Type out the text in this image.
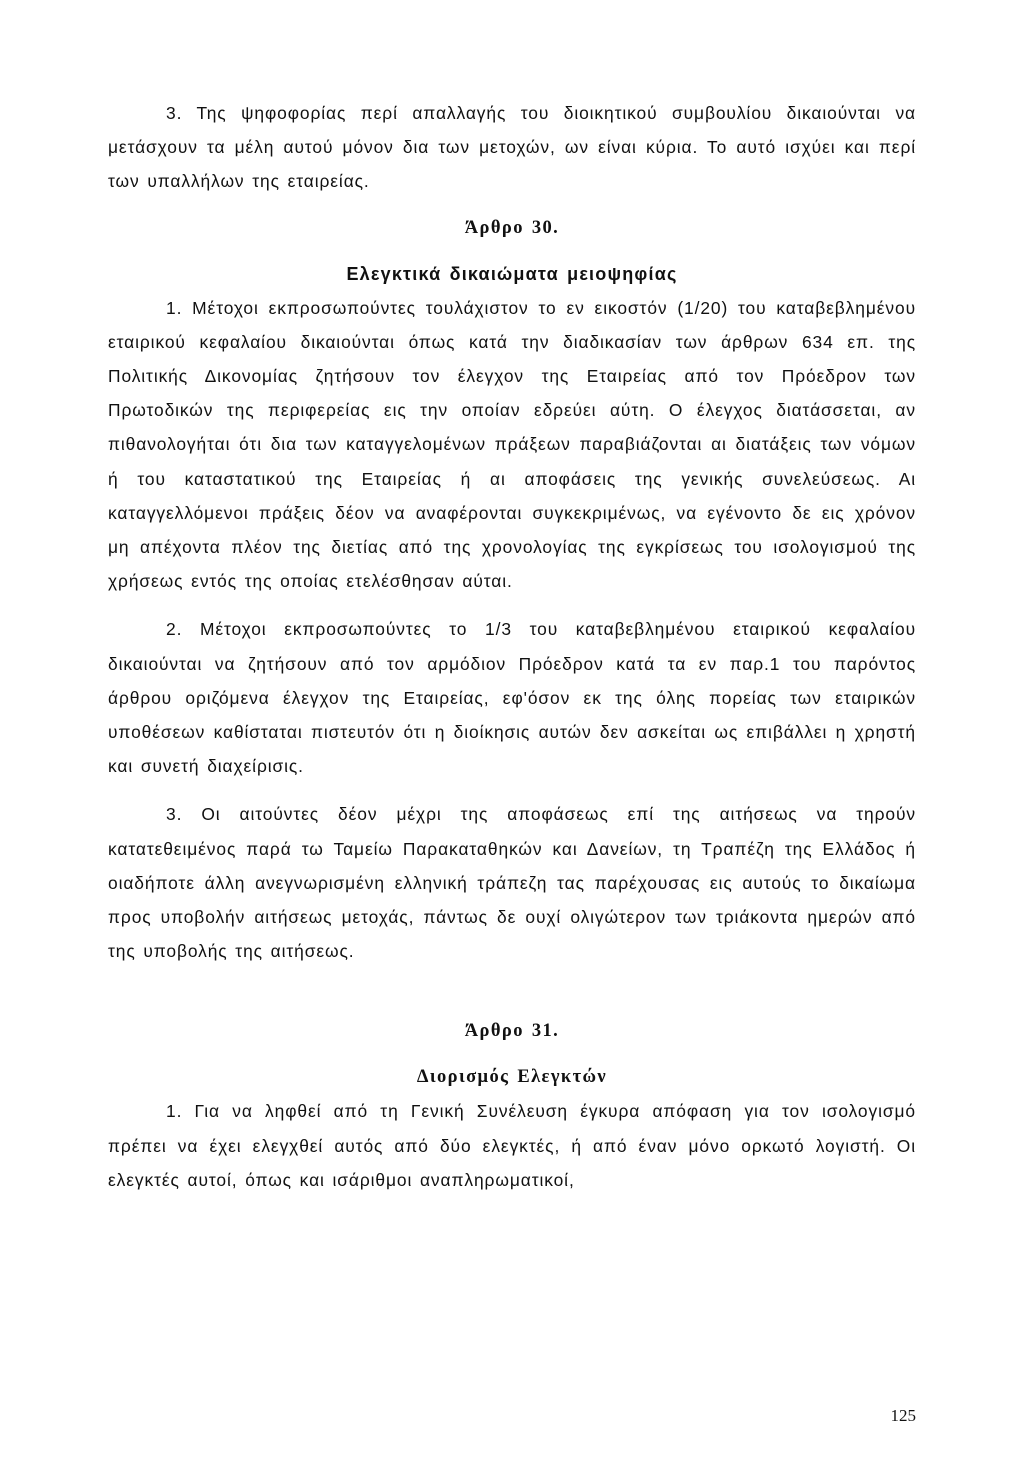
3. Της ψηφοφορίας περί απαλλαγής του διοικητικού συμβουλίου δικαιούνται να μετάσχουν τα μέλη αυτού μόνον δια των μετοχών, ων είναι κύρια. Το αυτό ισχύει και περί των υπαλλήλων της εταιρείας.

Άρθρο 30.

Ελεγκτικά δικαιώματα μειοψηφίας

1. Μέτοχοι εκπροσωπούντες τουλάχιστον το εν εικοστόν (1/20) του καταβεβλημένου εταιρικού κεφαλαίου δικαιούνται όπως κατά την διαδικασίαν των άρθρων 634 επ. της Πολιτικής Δικονομίας ζητήσουν τον έλεγχον της Εταιρείας από τον Πρόεδρον των Πρωτοδικών της περιφερείας εις την οποίαν εδρεύει αύτη. Ο έλεγχος διατάσσεται, αν πιθανολογήται ότι δια των καταγγελομένων πράξεων παραβιάζονται αι διατάξεις των νόμων ή του καταστατικού της Εταιρείας ή αι αποφάσεις της γενικής συνελεύσεως. Αι καταγγελλόμενοι πράξεις δέον να αναφέρονται συγκεκριμένως, να εγένοντο δε εις χρόνον μη απέχοντα πλέον της διετίας από της χρονολογίας της εγκρίσεως του ισολογισμού της χρήσεως εντός της οποίας ετελέσθησαν αύται.

2. Μέτοχοι εκπροσωπούντες το 1/3 του καταβεβλημένου εταιρικού κεφαλαίου δικαιούνται να ζητήσουν από τον αρμόδιον Πρόεδρον κατά τα εν παρ.1 του παρόντος άρθρου οριζόμενα έλεγχον της Εταιρείας, εφ'όσον εκ της όλης πορείας των εταιρικών υποθέσεων καθίσταται πιστευτόν ότι η διοίκησις αυτών δεν ασκείται ως επιβάλλει η χρηστή και συνετή διαχείρισις.

3. Οι αιτούντες δέον μέχρι της αποφάσεως επί της αιτήσεως να τηρούν κατατεθειμένος παρά τω Ταμείω Παρακαταθηκών και Δανείων, τη Τραπέζη της Ελλάδος ή οιαδήποτε άλλη ανεγνωρισμένη ελληνική τράπεζη τας παρέχουσας εις αυτούς το δικαίωμα προς υποβολήν αιτήσεως μετοχάς, πάντως δε ουχί ολιγώτερον των τριάκοντα ημερών από της υποβολής της αιτήσεως.

Άρθρο 31.

Διορισμός Ελεγκτών

1. Για να ληφθεί από τη Γενική Συνέλευση έγκυρα απόφαση για τον ισολογισμό πρέπει να έχει ελεγχθεί αυτός από δύο ελεγκτές, ή από έναν μόνο ορκωτό λογιστή. Οι ελεγκτές αυτοί, όπως και ισάριθμοι αναπληρωματικοί,

125
